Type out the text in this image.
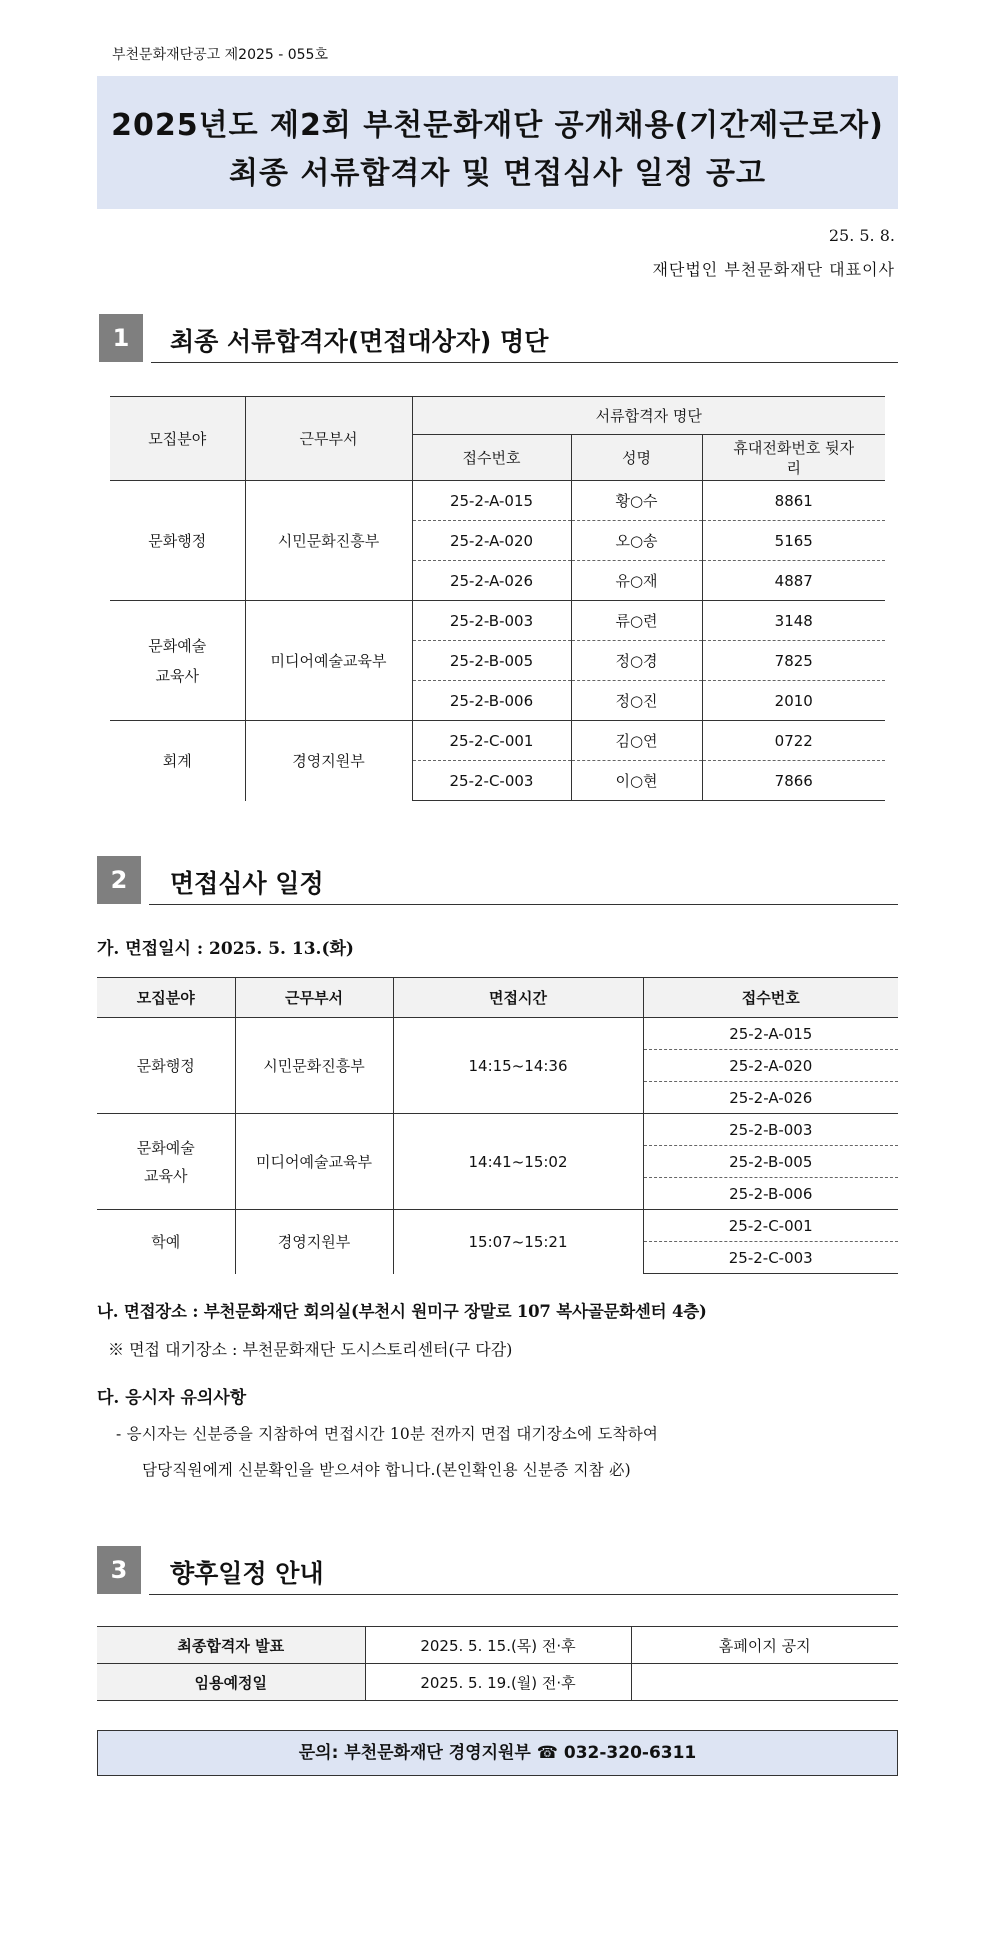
부천문화재단공고 제2025 - 055호
2025년도 제2회 부천문화재단 공개채용(기간제근로자)
최종 서류합격자 및 면접심사 일정 공고
25. 5. 8.
재단법인 부천문화재단 대표이사
1	최종 서류합격자(면접대상자) 명단
모집분야	근무부서	서류합격자 명단		
		접수번호	성명	휴대전화번호 뒷자리
문화행정	시민문화진흥부	25-2-A-015	황○수	8861
		25-2-A-020	오○송	5165
		25-2-A-026	유○재	4887
문화예술 교육사	미디어예술교육부	25-2-B-003	류○련	3148
		25-2-B-005	정○경	7825
		25-2-B-006	정○진	2010
회계	경영지원부	25-2-C-001	김○연	0722
		25-2-C-003	이○현	7866
2	면접심사 일정
가. 면접일시 : 2025. 5. 13.(화)
모집분야	근무부서	면접시간	접수번호
문화행정	시민문화진흥부	14:15~14:36	25-2-A-015
			25-2-A-020
			25-2-A-026
문화예술 교육사	미디어예술교육부	14:41~15:02	25-2-B-003
			25-2-B-005
			25-2-B-006
학예	경영지원부	15:07~15:21	25-2-C-001
			25-2-C-003
나. 면접장소 : 부천문화재단 회의실(부천시 원미구 장말로 107 복사골문화센터 4층)
※ 면접 대기장소 : 부천문화재단 도시스토리센터(구 다감)
다. 응시자 유의사항
- 응시자는 신분증을 지참하여 면접시간 10분 전까지 면접 대기장소에 도착하여
담당직원에게 신분확인을 받으셔야 합니다.(본인확인용 신분증 지참 必)
3	향후일정 안내
최종합격자 발표	2025. 5. 15.(목) 전·후	홈페이지 공지
임용예정일	2025. 5. 19.(월) 전·후	
문의: 부천문화재단 경영지원부 ☎ 032-320-6311
